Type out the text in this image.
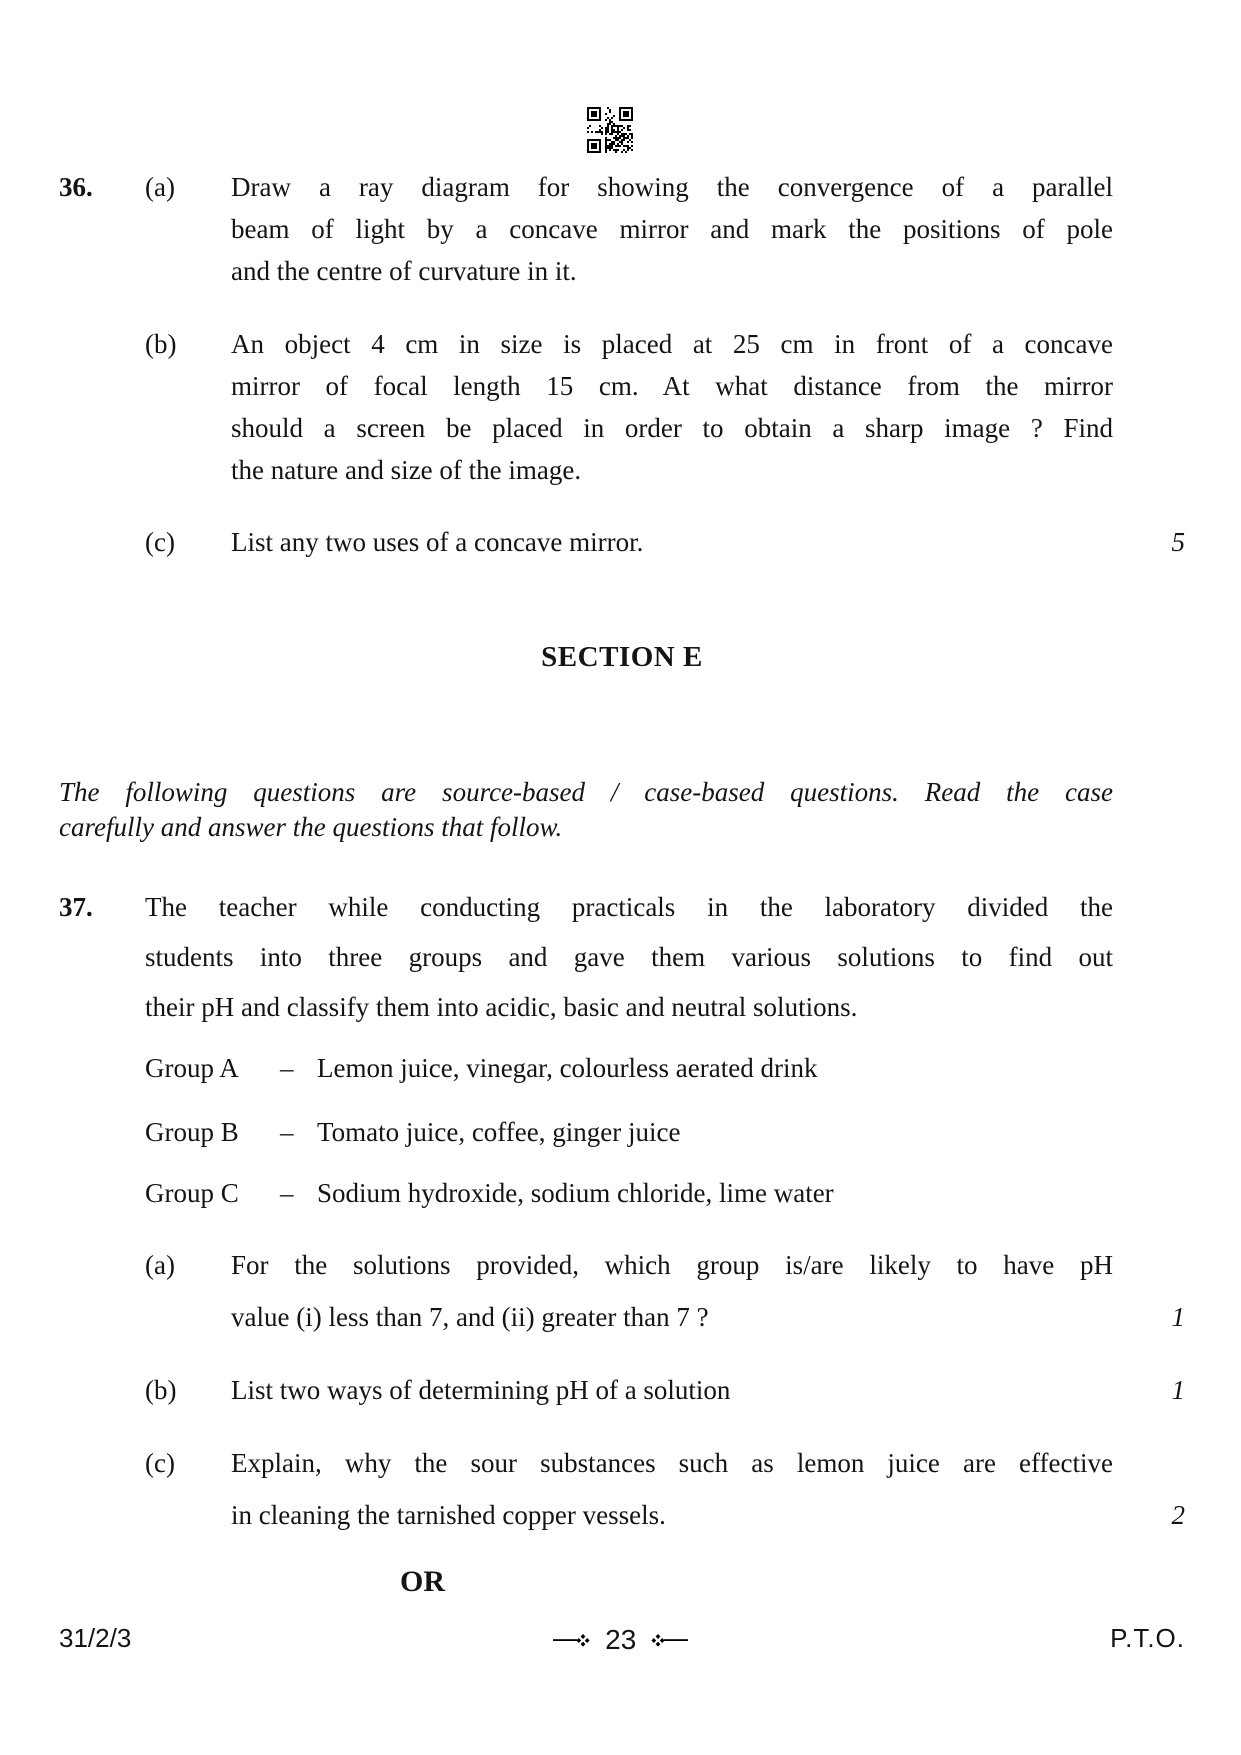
36.	(a)	Draw a ray diagram for showing the convergence of a parallel
beam of light by a concave mirror and mark the positions of pole
and the centre of curvature in it.
(b)	An object 4 cm in size is placed at 25 cm in front of a concave
mirror of focal length 15 cm. At what distance from the mirror
should a screen be placed in order to obtain a sharp image ? Find
the nature and size of the image.
(c)	List any two uses of a concave mirror.	5
SECTION E
The following questions are source-based / case-based questions. Read the case
carefully and answer the questions that follow.
37.	The teacher while conducting practicals in the laboratory divided the
students into three groups and gave them various solutions to find out
their pH and classify them into acidic, basic and neutral solutions.
Group A	– Lemon juice, vinegar, colourless aerated drink
Group B	– Tomato juice, coffee, ginger juice
Group C	– Sodium hydroxide, sodium chloride, lime water
(a)	For the solutions provided, which group is/are likely to have pH
value (i) less than 7, and (ii) greater than 7 ?	1
(b)	List two ways of determining pH of a solution	1
(c)	Explain, why the sour substances such as lemon juice are effective
in cleaning the tarnished copper vessels.	2
OR
31/2/3	23	P.T.O.
